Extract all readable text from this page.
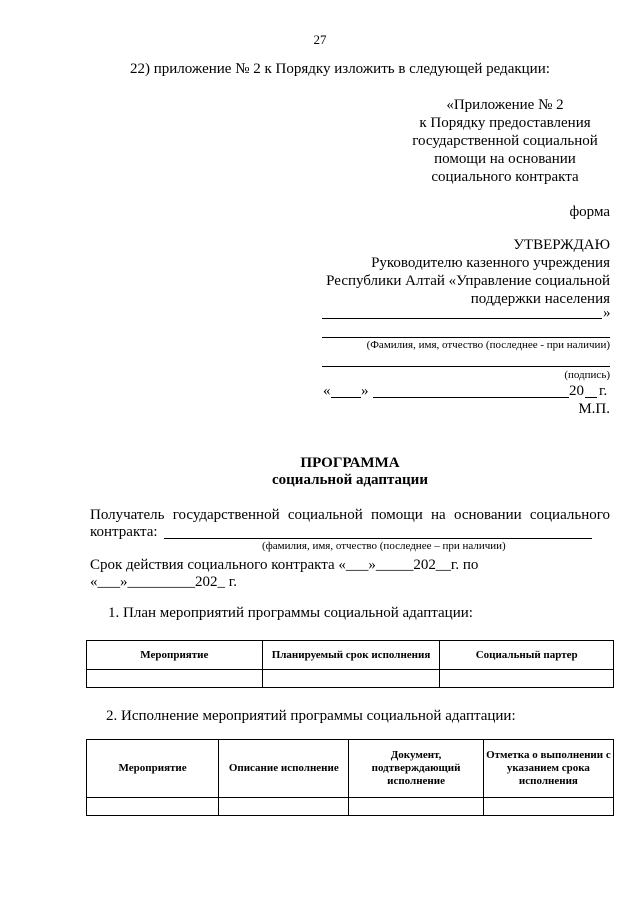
27
22) приложение № 2 к Порядку изложить в следующей редакции:
«Приложение № 2
к Порядку предоставления
государственной социальной
помощи на основании
социального контракта
форма
УТВЕРЖДАЮ
Руководителю казенного учреждения
Республики Алтай «Управление социальной
поддержки населения
»
(Фамилия, имя, отчество (последнее - при наличии)
(подпись)
« »	20 г.
М.П.
ПРОГРАММА
социальной адаптации
Получатель государственной социальной помощи на основании социального
контракта:
(фамилия, имя, отчество (последнее – при наличии)
Срок действия социального контракта «___»_____202__г. по
«___»_________202_ г.
1. План мероприятий программы социальной адаптации:
Мероприятие	Планируемый срок исполнения	Социальный партер

2. Исполнение мероприятий программы социальной адаптации:
Мероприятие	Описание исполнение	Документ, подтверждающий исполнение	Отметка о выполнении с указанием срока исполнения
